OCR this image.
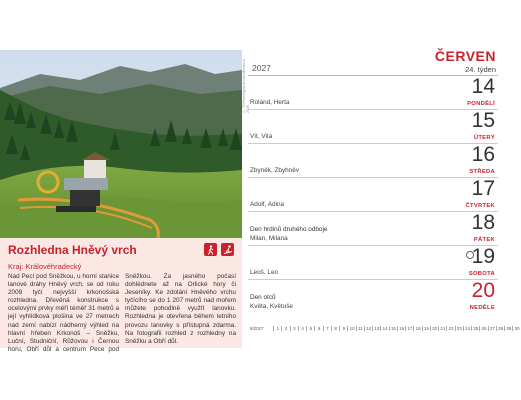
© TOPtravelgraphics/shutterstock 2026
Rozhledna Hněvý vrch
Kraj: Královéhradecký
Nad Pecí pod Sněžkou, u horní stanice lanové dráhy Hněvý vrch, se od roku 2009 tyčí nejvyšší krkonošská rozhledna. Dřevěná konstrukce s ocelovými prvky měří téměř 31 metrů a její vyhlídková plošina ve 27 metrech nad zemí nabízí nádherný výhled na hlavní hřeben Krkonoš – Sněžku, Luční, Studniční, Růžovou i Černou horu, Obří důl a centrum Pece pod Sněžkou. Za jasného počasí dohlédnete až na Orlické hory či Jeseníky. Ke zdolání Hněvého vrchu tyčícího se do 1 207 metrů nad mořem můžete pohodlně využít lanovku. Rozhledna je otevřena během letního provozu lanovky s přístupná zdarma. Na fotografii rozhled z rozhledny na Sněžku a Obří důl.
2027
ČERVEN
24. týden
14
PONDĚLÍ
Roland, Herta
15
ÚTERÝ
Vít, Vita
16
STŘEDA
Zbyněk, Zbyhněv
17
ČTVRTEK
Adolf, Adina
18
PÁTEK
Den hrdinů druhého odboje
Milan, Milana
19
SOBOTA
Leoš, Leo
20
NEDĚLE
Den otců
Květa, Květuše
6/2027	1 2 3 4 5 6 7 8 9 10 11 12 13 14 15 16 17 18 19 20 21 22 23 24 25 26 27 28 29 30
